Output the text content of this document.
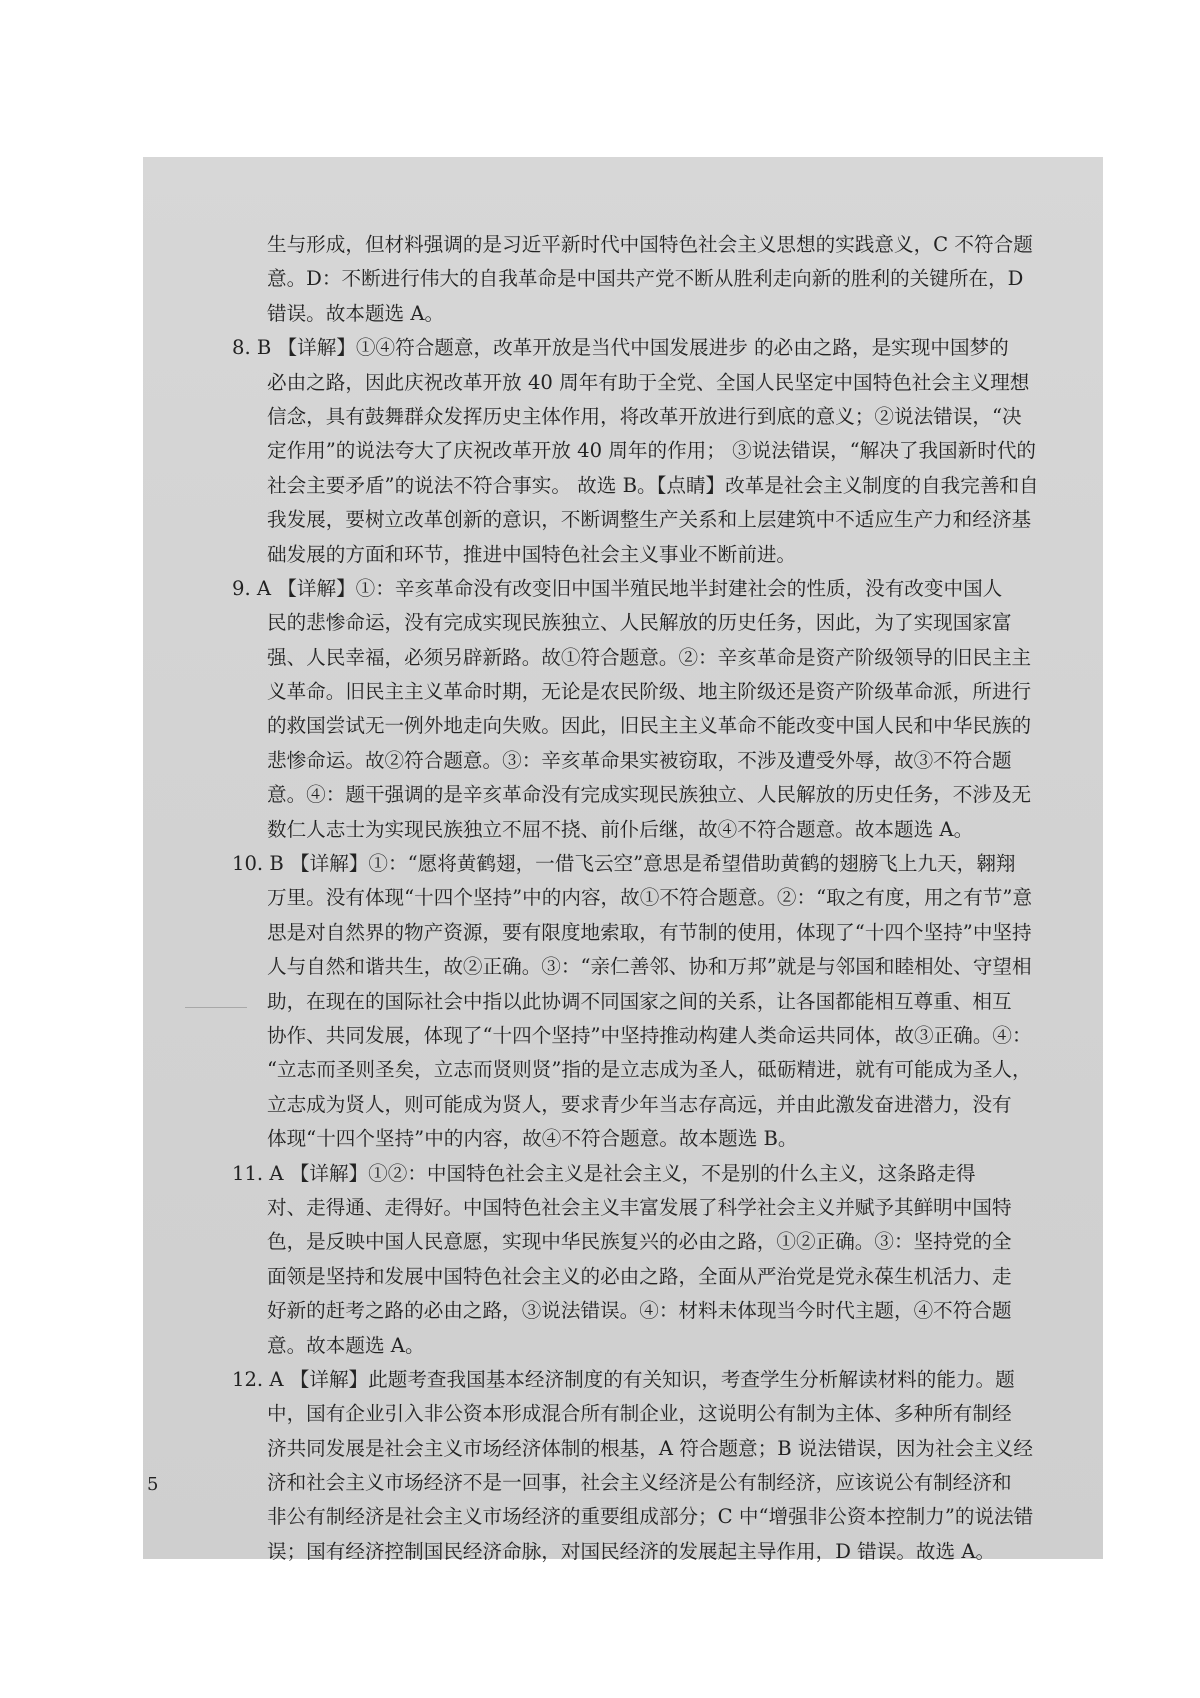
生与形成，但材料强调的是习近平新时代中国特色社会主义思想的实践意义，C 不符合题
意。D：不断进行伟大的自我革命是中国共产党不断从胜利走向新的胜利的关键所在，D
错误。故本题选 A。
8. B 【详解】①④符合题意，改革开放是当代中国发展进步 的必由之路，是实现中国梦的
必由之路，因此庆祝改革开放 40 周年有助于全党、全国人民坚定中国特色社会主义理想
信念，具有鼓舞群众发挥历史主体作用，将改革开放进行到底的意义；②说法错误，“决
定作用”的说法夸大了庆祝改革开放 40 周年的作用； ③说法错误，“解决了我国新时代的
社会主要矛盾”的说法不符合事实。 故选 B。【点睛】改革是社会主义制度的自我完善和自
我发展，要树立改革创新的意识，不断调整生产关系和上层建筑中不适应生产力和经济基
础发展的方面和环节，推进中国特色社会主义事业不断前进。
9. A 【详解】①：辛亥革命没有改变旧中国半殖民地半封建社会的性质，没有改变中国人
民的悲惨命运，没有完成实现民族独立、人民解放的历史任务，因此，为了实现国家富
强、人民幸福，必须另辟新路。故①符合题意。②：辛亥革命是资产阶级领导的旧民主主
义革命。旧民主主义革命时期，无论是农民阶级、地主阶级还是资产阶级革命派，所进行
的救国尝试无一例外地走向失败。因此，旧民主主义革命不能改变中国人民和中华民族的
悲惨命运。故②符合题意。③：辛亥革命果实被窃取，不涉及遭受外辱，故③不符合题
意。④：题干强调的是辛亥革命没有完成实现民族独立、人民解放的历史任务，不涉及无
数仁人志士为实现民族独立不屈不挠、前仆后继，故④不符合题意。故本题选 A。
10. B 【详解】①：“愿将黄鹤翅，一借飞云空”意思是希望借助黄鹤的翅膀飞上九天，翱翔
万里。没有体现“十四个坚持”中的内容，故①不符合题意。②：“取之有度，用之有节”意
思是对自然界的物产资源，要有限度地索取，有节制的使用，体现了“十四个坚持”中坚持
人与自然和谐共生，故②正确。③：“亲仁善邻、协和万邦”就是与邻国和睦相处、守望相
助，在现在的国际社会中指以此协调不同国家之间的关系，让各国都能相互尊重、相互
协作、共同发展，体现了“十四个坚持”中坚持推动构建人类命运共同体，故③正确。④：
“立志而圣则圣矣，立志而贤则贤”指的是立志成为圣人，砥砺精进，就有可能成为圣人，
立志成为贤人，则可能成为贤人，要求青少年当志存高远，并由此激发奋进潜力，没有
体现“十四个坚持”中的内容，故④不符合题意。故本题选 B。
11. A 【详解】①②：中国特色社会主义是社会主义，不是别的什么主义，这条路走得
对、走得通、走得好。中国特色社会主义丰富发展了科学社会主义并赋予其鲜明中国特
色，是反映中国人民意愿，实现中华民族复兴的必由之路，①②正确。③：坚持党的全
面领是坚持和发展中国特色社会主义的必由之路，全面从严治党是党永葆生机活力、走
好新的赶考之路的必由之路，③说法错误。④：材料未体现当今时代主题，④不符合题
意。故本题选 A。
12. A 【详解】此题考查我国基本经济制度的有关知识，考查学生分析解读材料的能力。题
中，国有企业引入非公资本形成混合所有制企业，这说明公有制为主体、多种所有制经
济共同发展是社会主义市场经济体制的根基，A 符合题意；B 说法错误，因为社会主义经
济和社会主义市场经济不是一回事，社会主义经济是公有制经济，应该说公有制经济和
非公有制经济是社会主义市场经济的重要组成部分；C 中“增强非公资本控制力”的说法错
误；国有经济控制国民经济命脉，对国民经济的发展起主导作用，D 错误。故选 A。
5
